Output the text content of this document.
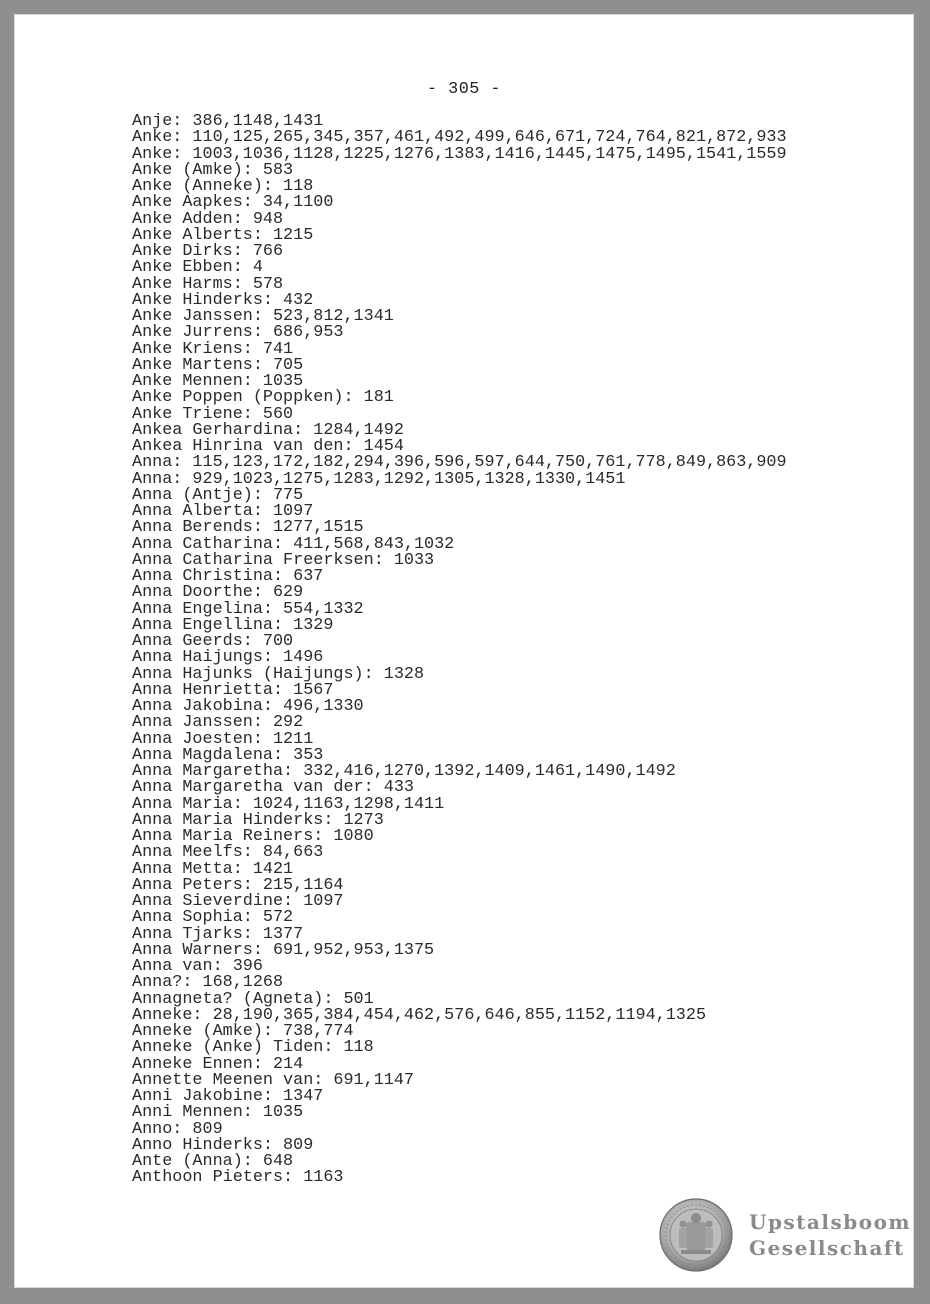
- 305 -
Anje: 386,1148,1431
Anke: 110,125,265,345,357,461,492,499,646,671,724,764,821,872,933
Anke: 1003,1036,1128,1225,1276,1383,1416,1445,1475,1495,1541,1559
Anke (Amke): 583
Anke (Anneke): 118
Anke Aapkes: 34,1100
Anke Adden: 948
Anke Alberts: 1215
Anke Dirks: 766
Anke Ebben: 4
Anke Harms: 578
Anke Hinderks: 432
Anke Janssen: 523,812,1341
Anke Jurrens: 686,953
Anke Kriens: 741
Anke Martens: 705
Anke Mennen: 1035
Anke Poppen (Poppken): 181
Anke Triene: 560
Ankea Gerhardina: 1284,1492
Ankea Hinrina van den: 1454
Anna: 115,123,172,182,294,396,596,597,644,750,761,778,849,863,909
Anna: 929,1023,1275,1283,1292,1305,1328,1330,1451
Anna (Antje): 775
Anna Alberta: 1097
Anna Berends: 1277,1515
Anna Catharina: 411,568,843,1032
Anna Catharina Freerksen: 1033
Anna Christina: 637
Anna Doorthe: 629
Anna Engelina: 554,1332
Anna Engellina: 1329
Anna Geerds: 700
Anna Haijungs: 1496
Anna Hajunks (Haijungs): 1328
Anna Henrietta: 1567
Anna Jakobina: 496,1330
Anna Janssen: 292
Anna Joesten: 1211
Anna Magdalena: 353
Anna Margaretha: 332,416,1270,1392,1409,1461,1490,1492
Anna Margaretha van der: 433
Anna Maria: 1024,1163,1298,1411
Anna Maria Hinderks: 1273
Anna Maria Reiners: 1080
Anna Meelfs: 84,663
Anna Metta: 1421
Anna Peters: 215,1164
Anna Sieverdine: 1097
Anna Sophia: 572
Anna Tjarks: 1377
Anna Warners: 691,952,953,1375
Anna van: 396
Anna?: 168,1268
Annagneta? (Agneta): 501
Anneke: 28,190,365,384,454,462,576,646,855,1152,1194,1325
Anneke (Amke): 738,774
Anneke (Anke) Tiden: 118
Anneke Ennen: 214
Annette Meenen van: 691,1147
Anni Jakobine: 1347
Anni Mennen: 1035
Anno: 809
Anno Hinderks: 809
Ante (Anna): 648
Anthoon Pieters: 1163
Upstalsboom
Gesellschaft
